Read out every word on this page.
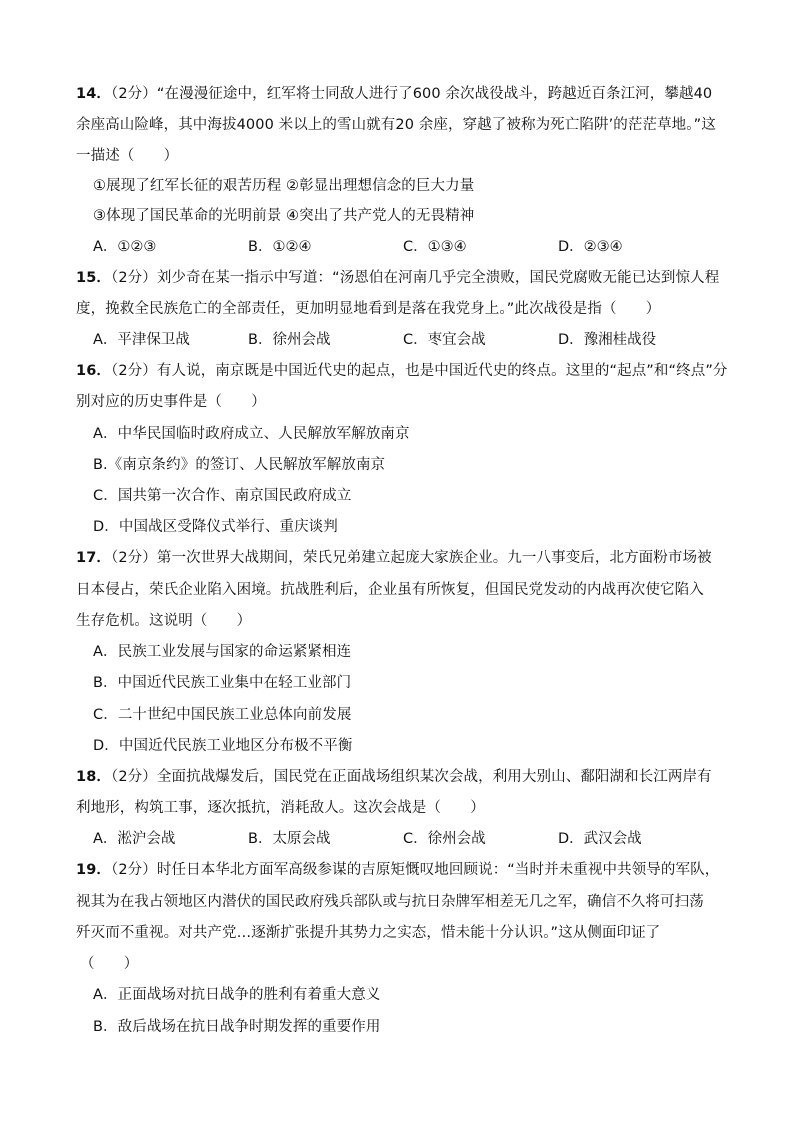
14．（2分）“在漫漫征途中，红军将士同敌人进行了600 余次战役战斗，跨越近百条江河，攀越40
余座高山险峰，其中海拔4000 米以上的雪山就有20 余座，穿越了被称为死亡陷阱’的茫茫草地。”这
一描述（　　）
①展现了红军长征的艰苦历程 ②彰显出理想信念的巨大力量
③体现了国民革命的光明前景 ④突出了共产党人的无畏精神
A．①②③	B．①②④	C．①③④	D．②③④
15．（2分）刘少奇在某一指示中写道：“汤恩伯在河南几乎完全溃败，国民党腐败无能已达到惊人程
度，挽救全民族危亡的全部责任，更加明显地看到是落在我党身上。”此次战役是指（　　）
A．平津保卫战	B．徐州会战	C．枣宜会战	D．豫湘桂战役
16．（2分）有人说，南京既是中国近代史的起点，也是中国近代史的终点。这里的“起点”和“终点”分
别对应的历史事件是（　　）
A．中华民国临时政府成立、人民解放军解放南京
B.《南京条约》的签订、人民解放军解放南京
C．国共第一次合作、南京国民政府成立
D．中国战区受降仪式举行、重庆谈判
17．（2分）第一次世界大战期间，荣氏兄弟建立起庞大家族企业。九一八事变后，北方面粉市场被
日本侵占，荣氏企业陷入困境。抗战胜利后，企业虽有所恢复，但国民党发动的内战再次使它陷入
生存危机。这说明（　　）
A．民族工业发展与国家的命运紧紧相连
B．中国近代民族工业集中在轻工业部门
C．二十世纪中国民族工业总体向前发展
D．中国近代民族工业地区分布极不平衡
18．（2分）全面抗战爆发后，国民党在正面战场组织某次会战，利用大别山、鄱阳湖和长江两岸有
利地形，构筑工事，逐次抵抗，消耗敌人。这次会战是（　　）
A．淞沪会战	B．太原会战	C．徐州会战	D．武汉会战
19．（2分）时任日本华北方面军高级参谋的吉原矩慨叹地回顾说：“当时并未重视中共领导的军队，
视其为在我占领地区内潜伏的国民政府残兵部队或与抗日杂牌军相差无几之军，确信不久将可扫荡
歼灭而不重视。对共产党…逐渐扩张提升其势力之实态，惜未能十分认识。”这从侧面印证了
（　　）
A．正面战场对抗日战争的胜利有着重大意义
B．敌后战场在抗日战争时期发挥的重要作用
